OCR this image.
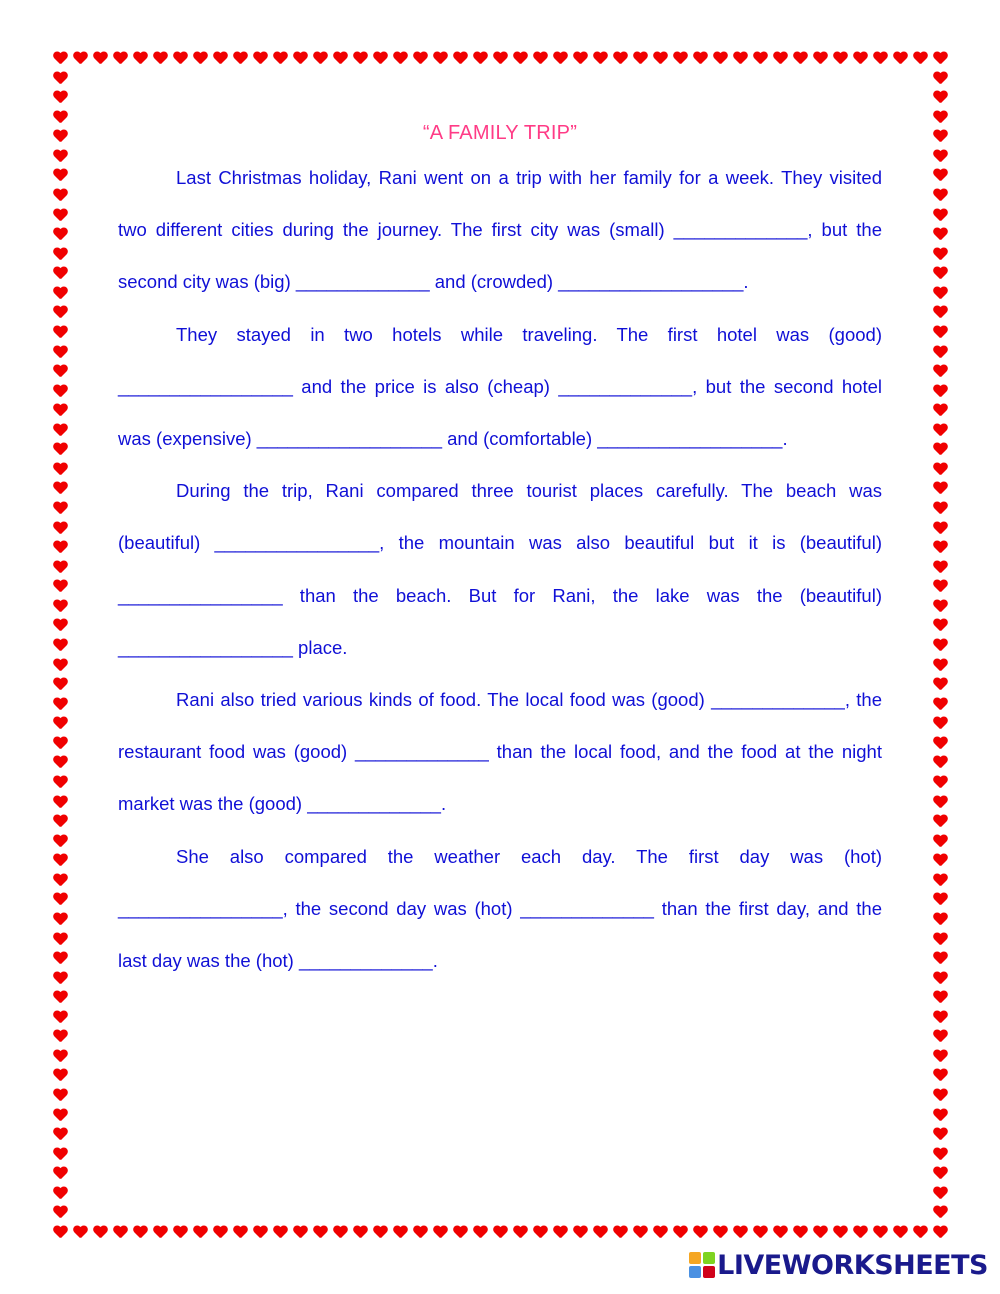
“A FAMILY TRIP”

Last Christmas holiday, Rani went on a trip with her family for a week. They visited two different cities during the journey. The first city was (small) _____________, but the second city was (big) _____________ and (crowded) __________________.

They stayed in two hotels while traveling. The first hotel was (good) _________________ and the price is also (cheap) _____________, but the second hotel was (expensive) __________________ and (comfortable) __________________.

During the trip, Rani compared three tourist places carefully. The beach was (beautiful) ________________, the mountain was also beautiful but it is (beautiful) ________________ than the beach. But for Rani, the lake was the (beautiful) _________________ place.

Rani also tried various kinds of food. The local food was (good) _____________, the restaurant food was (good) _____________ than the local food, and the food at the night market was the (good) _____________.

She also compared the weather each day. The first day was (hot) ________________, the second day was (hot) _____________ than the first day, and the last day was the (hot) _____________.

LIVEWORKSHEETS
